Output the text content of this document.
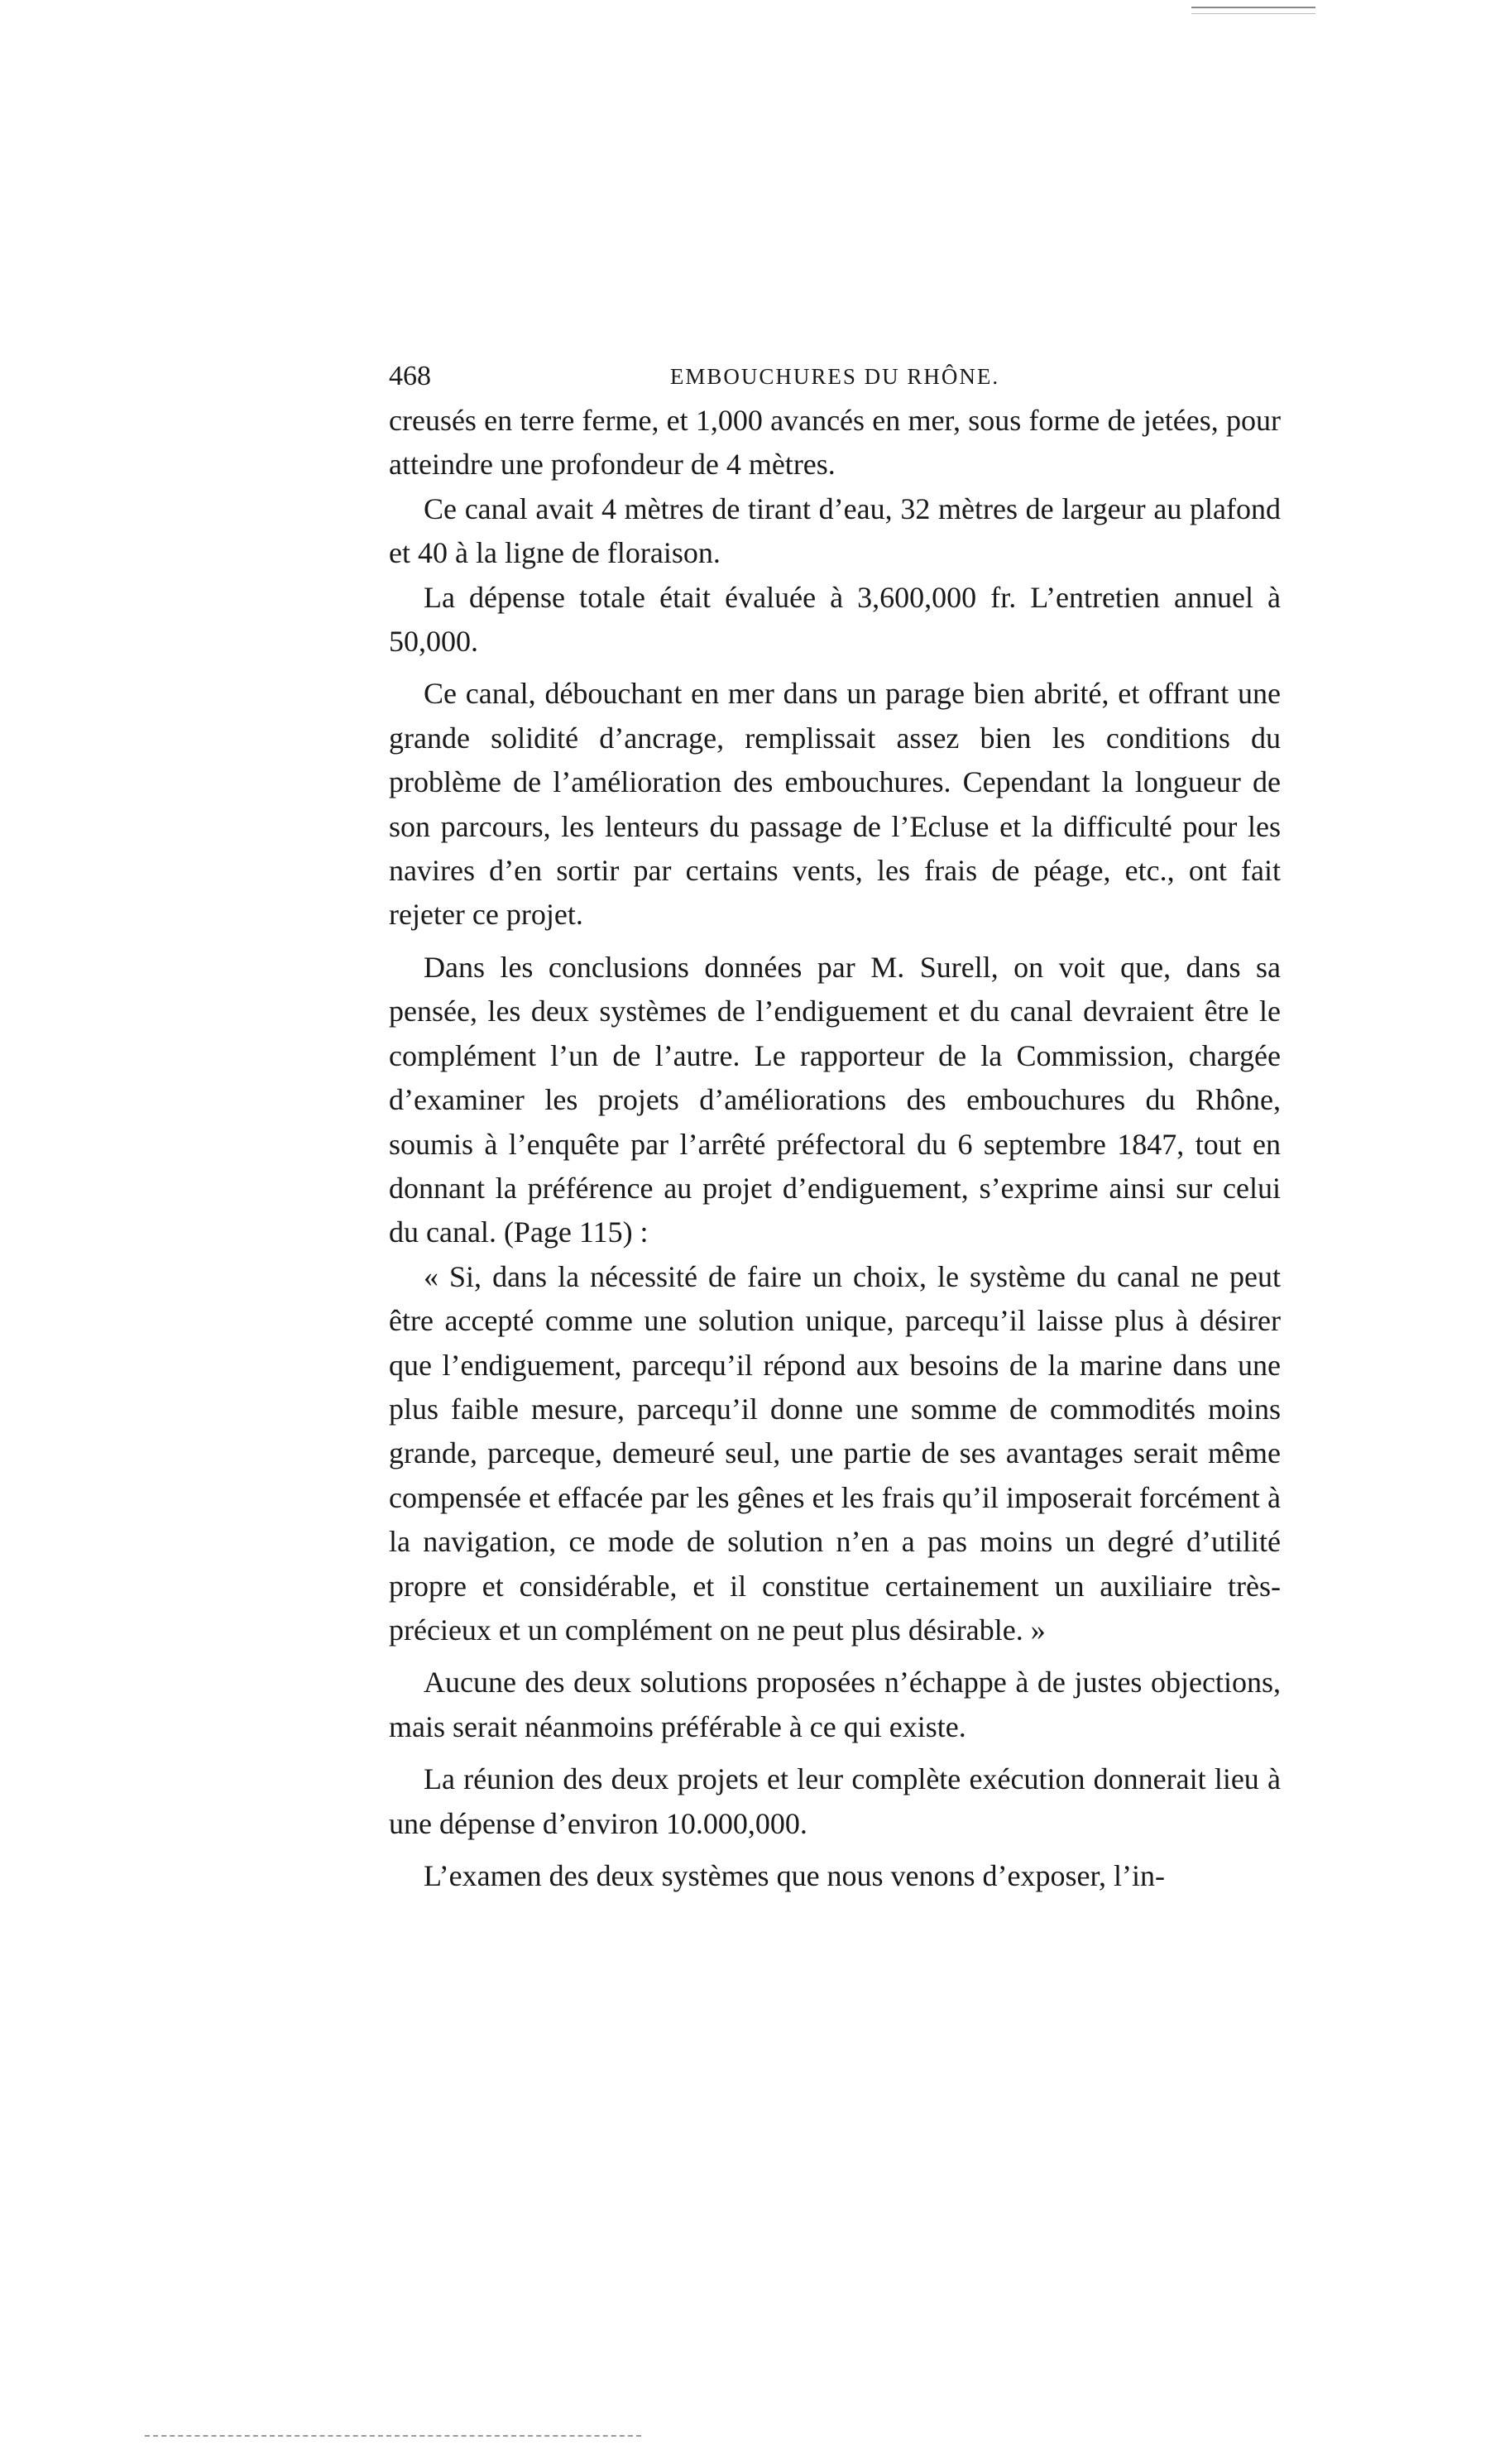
468	EMBOUCHURES DU RHÔNE.

creusés en terre ferme, et 1,000 avancés en mer, sous forme de jetées, pour atteindre une profondeur de 4 mètres.

Ce canal avait 4 mètres de tirant d’eau, 32 mètres de largeur au plafond et 40 à la ligne de floraison.

La dépense totale était évaluée à 3,600,000 fr. L’entretien annuel à 50,000.

Ce canal, débouchant en mer dans un parage bien abrité, et offrant une grande solidité d’ancrage, remplissait assez bien les conditions du problème de l’amélioration des embouchures. Cependant la longueur de son parcours, les lenteurs du passage de l’Ecluse et la difficulté pour les navires d’en sortir par certains vents, les frais de péage, etc., ont fait rejeter ce projet.

Dans les conclusions données par M. Surell, on voit que, dans sa pensée, les deux systèmes de l’endiguement et du canal devraient être le complément l’un de l’autre. Le rapporteur de la Commission, chargée d’examiner les projets d’améliorations des embouchures du Rhône, soumis à l’enquête par l’arrêté préfectoral du 6 septembre 1847, tout en donnant la préférence au projet d’endiguement, s’exprime ainsi sur celui du canal. (Page 115) :

« Si, dans la nécessité de faire un choix, le système du canal ne peut être accepté comme une solution unique, parcequ’il laisse plus à désirer que l’endiguement, parcequ’il répond aux besoins de la marine dans une plus faible mesure, parcequ’il donne une somme de commodités moins grande, parceque, demeuré seul, une partie de ses avantages serait même compensée et effacée par les gênes et les frais qu’il imposerait forcément à la navigation, ce mode de solution n’en a pas moins un degré d’utilité propre et considérable, et il constitue certainement un auxiliaire très-précieux et un complément on ne peut plus désirable. »

Aucune des deux solutions proposées n’échappe à de justes objections, mais serait néanmoins préférable à ce qui existe.

La réunion des deux projets et leur complète exécution donnerait lieu à une dépense d’environ 10.000,000.

L’examen des deux systèmes que nous venons d’exposer, l’in-
